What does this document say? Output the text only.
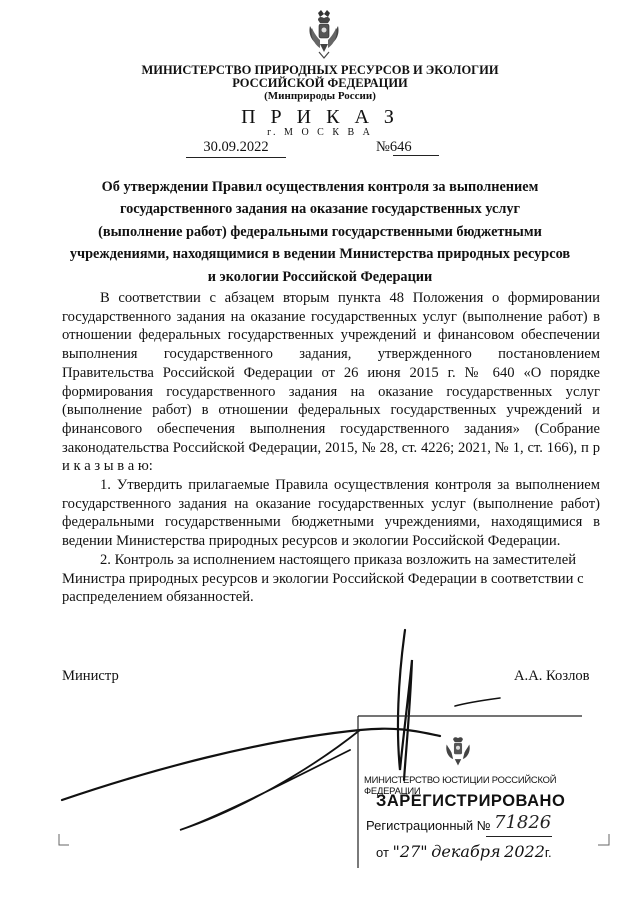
МИНИСТЕРСТВО ПРИРОДНЫХ РЕСУРСОВ И ЭКОЛОГИИ
РОССИЙСКОЙ ФЕДЕРАЦИИ
(Минприроды России)
П Р И К А З
г. М О С К В А
30.09.2022	№646
Об утверждении Правил осуществления контроля за выполнением
государственного задания на оказание государственных услуг
(выполнение работ) федеральными государственными бюджетными
учреждениями, находящимися в ведении Министерства природных ресурсов
и экологии Российской Федерации

В соответствии с абзацем вторым пункта 48 Положения о формировании государственного задания на оказание государственных услуг (выполнение работ) в отношении федеральных государственных учреждений и финансовом обеспечении выполнения государственного задания, утвержденного постановлением Правительства Российской Федерации от 26 июня 2015 г. № 640 «О порядке формирования государственного задания на оказание государственных услуг (выполнение работ) в отношении федеральных государственных учреждений и финансового обеспечения выполнения государственного задания» (Собрание законодательства Российской Федерации, 2015, № 28, ст. 4226; 2021, № 1, ст. 166), п р и к а з ы в а ю:

1. Утвердить прилагаемые Правила осуществления контроля за выполнением государственного задания на оказание государственных услуг (выполнение работ) федеральными государственными бюджетными учреждениями, находящимися в ведении Министерства природных ресурсов и экологии Российской Федерации.

2. Контроль за исполнением настоящего приказа возложить на заместителей Министра природных ресурсов и экологии Российской Федерации в соответствии с распределением обязанностей.

Министр	А.А. Козлов
МИНИСТЕРСТВО ЮСТИЦИИ РОССИЙСКОЙ ФЕДЕРАЦИИ
ЗАРЕГИСТРИРОВАНО
Регистрационный № 71826
от "27" декабря 2022г.
